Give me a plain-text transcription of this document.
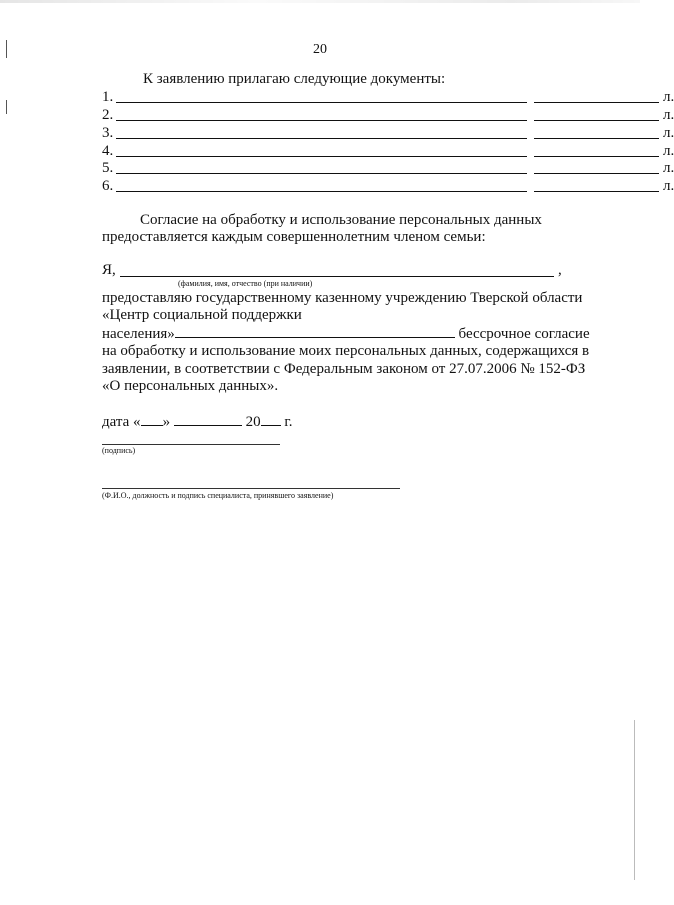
20
К заявлению прилагаю следующие документы:
1.	л.
2.	л.
3.	л.
4.	л.
5.	л.
6.	л.
Согласие на обработку и использование персональных данных предоставляется каждым совершеннолетним членом семьи:
Я,	,
(фамилия, имя, отчество (при наличии)
предоставляю государственному казенному учреждению Тверской области
«Центр социальной поддержки
населения»	бессрочное согласие
на обработку и использование моих персональных данных, содержащихся в
заявлении, в соответствии с Федеральным законом от 27.07.2006 № 152-ФЗ
«О персональных данных».
дата « »	20 г.
(подпись)
(Ф.И.О., должность и подпись специалиста, принявшего заявление)
